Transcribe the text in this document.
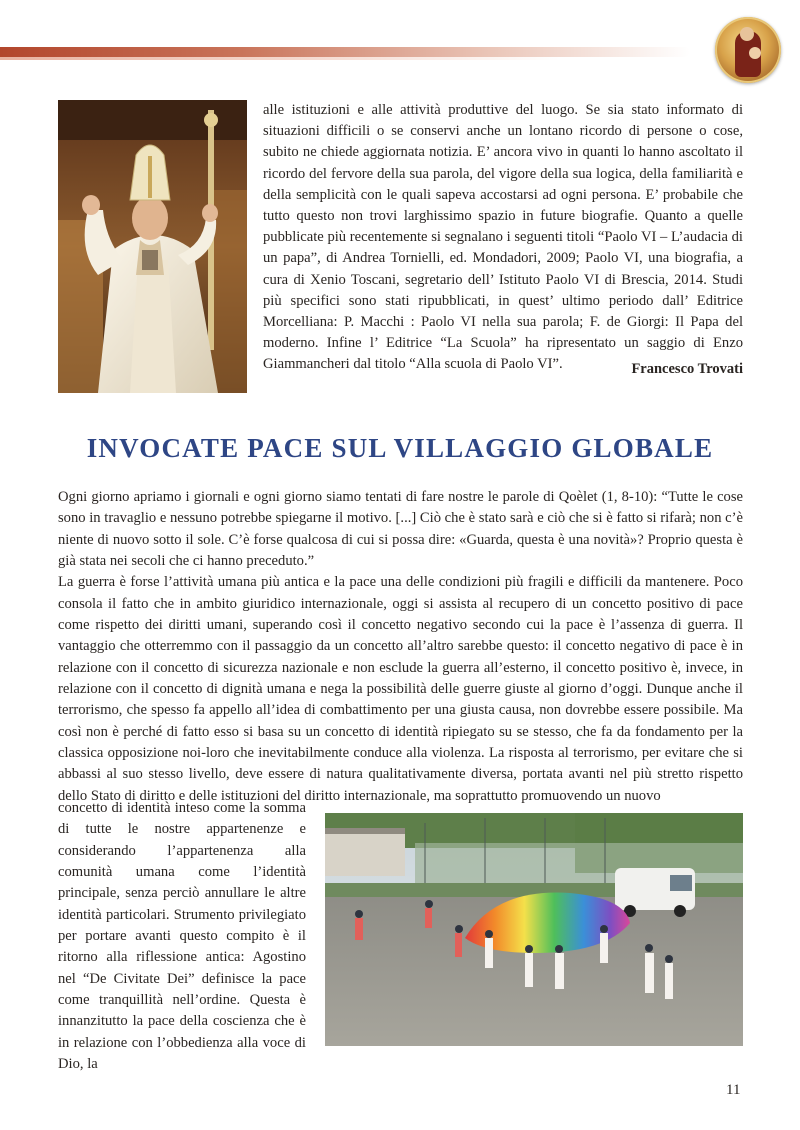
alle istituzioni e alle attività produttive del luogo. Se sia stato informato di situazioni difficili o se conservi anche un lontano ricordo di persone o cose, subito ne chiede aggiornata notizia. E’ ancora vivo in quanti lo hanno ascoltato il ricordo del fervore della sua parola, del vigore della sua logica, della familiarità e della semplicità con le quali sapeva accostarsi ad ogni persona. E’ probabile che tutto questo non trovi larghissimo spazio in future biografie. Quanto a quelle pubblicate più recentemente si segnalano i seguenti titoli “Paolo VI – L’audacia di un papa”, di Andrea Tornielli, ed. Mondadori, 2009; Paolo VI, una biografia, a cura di Xenio Toscani, segretario dell’ Istituto Paolo VI di Brescia, 2014. Studi più specifici sono stati ripubblicati, in quest’ ultimo periodo dall’ Editrice Morcelliana: P. Macchi : Paolo VI nella sua parola; F. de Giorgi: Il Papa del moderno. Infine l’ Editrice “La Scuola” ha ripresentato un saggio di Enzo Giammancheri dal titolo “Alla scuola di Paolo VI”.	Francesco Trovati
INVOCATE PACE SUL VILLAGGIO GLOBALE

Ogni giorno apriamo i giornali e ogni giorno siamo tentati di fare nostre le parole di Qoèlet (1, 8-10): “Tutte le cose sono in travaglio e nessuno potrebbe spiegarne il motivo. [...] Ciò che è stato sarà e ciò che si è fatto si rifarà; non c’è niente di nuovo sotto il sole. C’è forse qualcosa di cui si possa dire: «Guarda, questa è una novità»? Proprio questa è già stata nei secoli che ci hanno preceduto.”

La guerra è forse l’attività umana più antica e la pace una delle condizioni più fragili e difficili da mantenere. Poco consola il fatto che in ambito giuridico internazionale, oggi si assista al recupero di un concetto positivo di pace come rispetto dei diritti umani, superando così il concetto negativo secondo cui la pace è l’assenza di guerra. Il vantaggio che otterremmo con il passaggio da un concetto all’altro sarebbe questo: il concetto negativo di pace è in relazione con il concetto di sicurezza nazionale e non esclude la guerra all’esterno, il concetto positivo è, invece, in relazione con il concetto di dignità umana e nega la possibilità delle guerre giuste al giorno d’oggi. Dunque anche il terrorismo, che spesso fa appello all’idea di combattimento per una giusta causa, non dovrebbe essere possibile. Ma così non è perché di fatto esso si basa su un concetto di identità ripiegato su se stesso, che fa da fondamento per la classica opposizione noi-loro che inevitabilmente conduce alla violenza. La risposta al terrorismo, per evitare che si abbassi al suo stesso livello, deve essere di natura qualitativamente diversa, portata avanti nel più stretto rispetto dello Stato di diritto e delle istituzioni del diritto internazionale, ma soprattutto promuovendo un nuovo

concetto di identità inteso come la somma di tutte le nostre appartenenze e considerando l’appartenenza alla comunità umana come l’identità principale, senza perciò annullare le altre identità particolari. Strumento privilegiato per portare avanti questo compito è il ritorno alla riflessione antica: Agostino nel “De Civitate Dei” definisce la pace come tranquillità nell’ordine. Questa è innanzitutto la pace della coscienza che è in relazione con l’obbedienza alla voce di Dio, la

11
